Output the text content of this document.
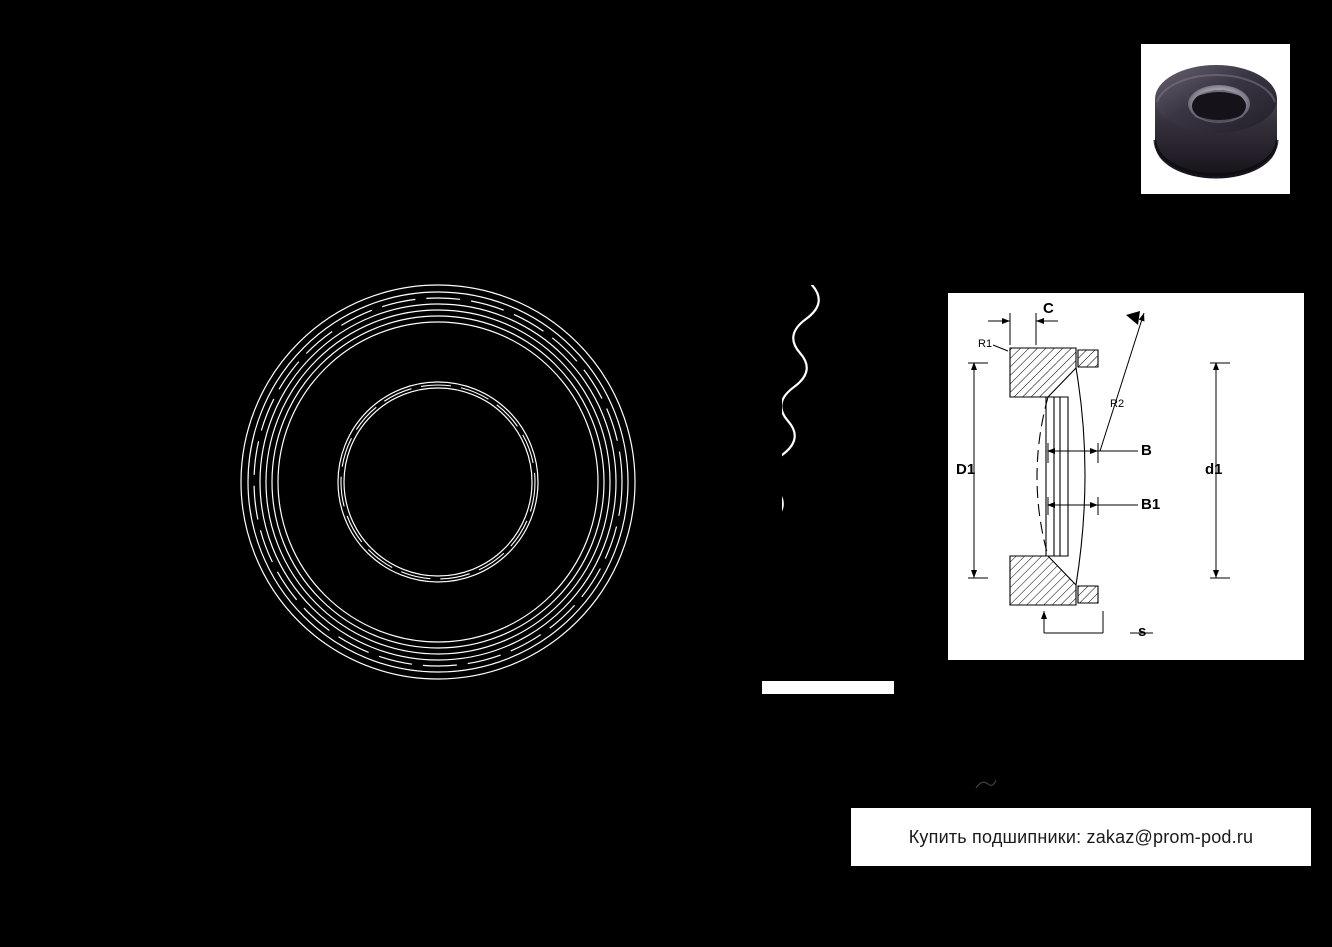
C
R1
R2
B
B1
D1	d1
s
Купить подшипники: zakaz@prom-pod.ru
